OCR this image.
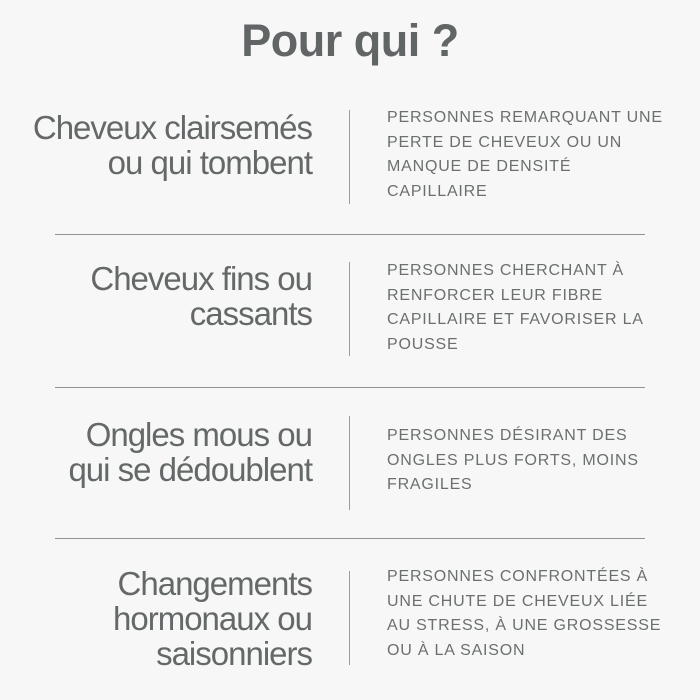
Pour qui ?
Cheveux clairsemés
ou qui tombent
PERSONNES REMARQUANT UNE
PERTE DE CHEVEUX OU UN
MANQUE DE DENSITÉ
CAPILLAIRE
Cheveux fins ou
cassants
PERSONNES CHERCHANT À
RENFORCER LEUR FIBRE
CAPILLAIRE ET FAVORISER LA
POUSSE
Ongles mous ou
qui se dédoublent
PERSONNES DÉSIRANT DES
ONGLES PLUS FORTS, MOINS
FRAGILES
Changements
hormonaux ou
saisonniers
PERSONNES CONFRONTÉES À
UNE CHUTE DE CHEVEUX LIÉE
AU STRESS, À UNE GROSSESSE
OU À LA SAISON
